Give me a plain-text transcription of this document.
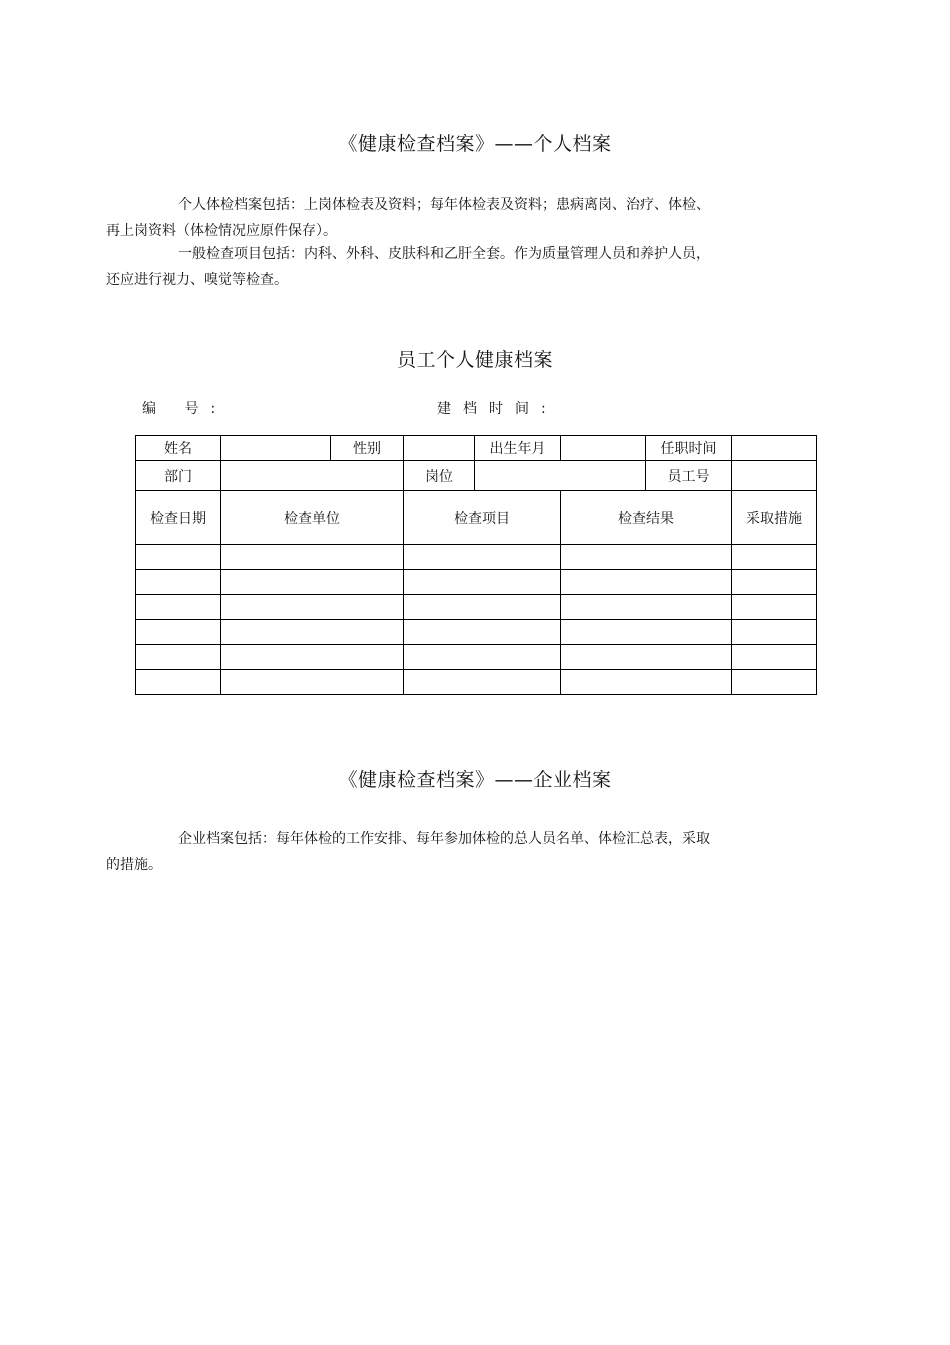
《健康检查档案》——个人档案

个人体检档案包括：上岗体检表及资料；每年体检表及资料；患病离岗、治疗、体检、
再上岗资料（体检情况应原件保存）。

一般检查项目包括：内科、外科、皮肤科和乙肝全套。作为质量管理人员和养护人员，
还应进行视力、嗅觉等检查。

员工个人健康档案
编 号:	建档时间:
姓名		性别		出生年月		任职时间	
部门			岗位			员工号	
检查日期	检查单位		检查项目		检查结果		采取措施

《健康检查档案》——企业档案

企业档案包括：每年体检的工作安排、每年参加体检的总人员名单、体检汇总表，采取
的措施。
